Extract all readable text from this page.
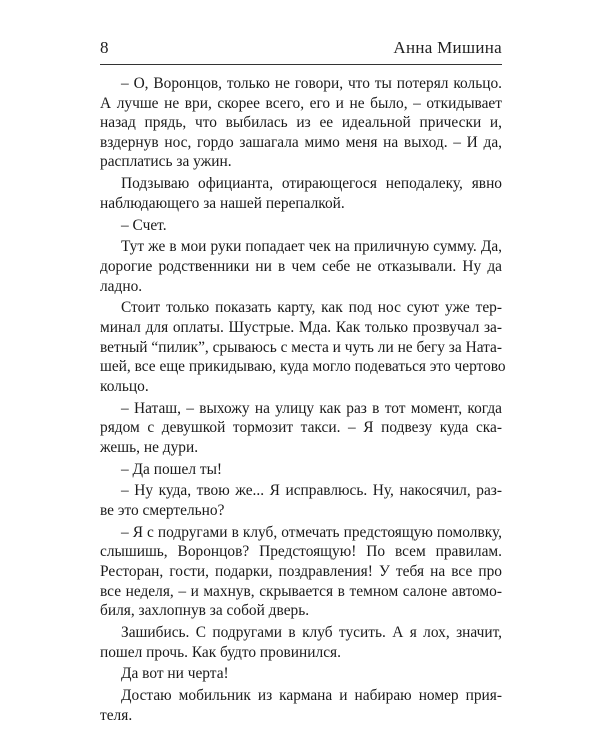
8	Анна Мишина
– О, Воронцов, только не говори, что ты потерял кольцо.
А лучше не ври, скорее всего, его и не было, – откидывает
назад прядь, что выбилась из ее идеальной прически и,
вздернув нос, гордо зашагала мимо меня на выход. – И да,
расплатись за ужин.
Подзываю официанта, отирающегося неподалеку, явно
наблюдающего за нашей перепалкой.
– Счет.
Тут же в мои руки попадает чек на приличную сумму. Да,
дорогие родственники ни в чем себе не отказывали. Ну да
ладно.
Стоит только показать карту, как под нос суют уже тер-
минал для оплаты. Шустрые. Мда. Как только прозвучал за-
ветный “пилик”, срываюсь с места и чуть ли не бегу за Ната-
шей, все еще прикидываю, куда могло подеваться это чертово
кольцо.
– Наташ, – выхожу на улицу как раз в тот момент, когда
рядом с девушкой тормозит такси. – Я подвезу куда ска-
жешь, не дури.
– Да пошел ты!
– Ну куда, твою же... Я исправлюсь. Ну, накосячил, раз-
ве это смертельно?
– Я с подругами в клуб, отмечать предстоящую помолвку,
слышишь, Воронцов? Предстоящую! По всем правилам.
Ресторан, гости, подарки, поздравления! У тебя на все про
все неделя, – и махнув, скрывается в темном салоне автомо-
биля, захлопнув за собой дверь.
Зашибись. С подругами в клуб тусить. А я лох, значит,
пошел прочь. Как будто провинился.
Да вот ни черта!
Достаю мобильник из кармана и набираю номер прия-
теля.
